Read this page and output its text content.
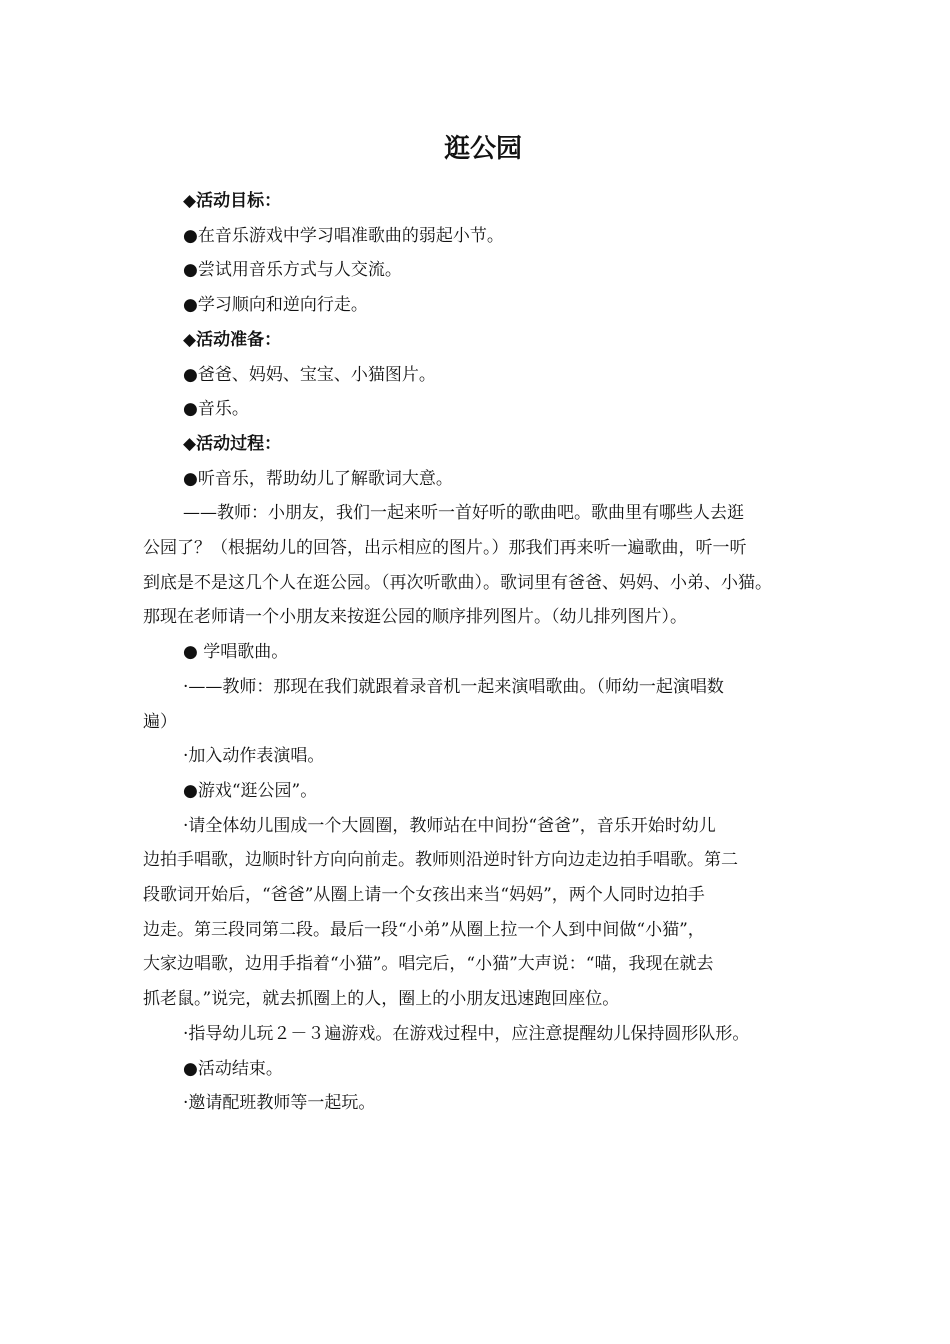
逛公园
◆活动目标：
●在音乐游戏中学习唱准歌曲的弱起小节。
●尝试用音乐方式与人交流。
●学习顺向和逆向行走。
◆活动准备：
●爸爸、妈妈、宝宝、小猫图片。
●音乐。
◆活动过程：
●听音乐，帮助幼儿了解歌词大意。
——教师：小朋友，我们一起来听一首好听的歌曲吧。歌曲里有哪些人去逛
公园了？（根据幼儿的回答，出示相应的图片。）那我们再来听一遍歌曲，听一听
到底是不是这几个人在逛公园。（再次听歌曲）。歌词里有爸爸、妈妈、小弟、小猫。
那现在老师请一个小朋友来按逛公园的顺序排列图片。（幼儿排列图片）。
● 学唱歌曲。
·——教师：那现在我们就跟着录音机一起来演唱歌曲。（师幼一起演唱数
遍）
·加入动作表演唱。
●游戏“逛公园”。
·请全体幼儿围成一个大圆圈，教师站在中间扮“爸爸”，音乐开始时幼儿
边拍手唱歌，边顺时针方向向前走。教师则沿逆时针方向边走边拍手唱歌。第二
段歌词开始后，“爸爸”从圈上请一个女孩出来当“妈妈”，两个人同时边拍手
边走。第三段同第二段。最后一段“小弟”从圈上拉一个人到中间做“小猫”，
大家边唱歌，边用手指着“小猫”。唱完后，“小猫”大声说：“喵，我现在就去
抓老鼠。”说完，就去抓圈上的人，圈上的小朋友迅速跑回座位。
·指导幼儿玩２－３遍游戏。在游戏过程中，应注意提醒幼儿保持圆形队形。
●活动结束。
·邀请配班教师等一起玩。
